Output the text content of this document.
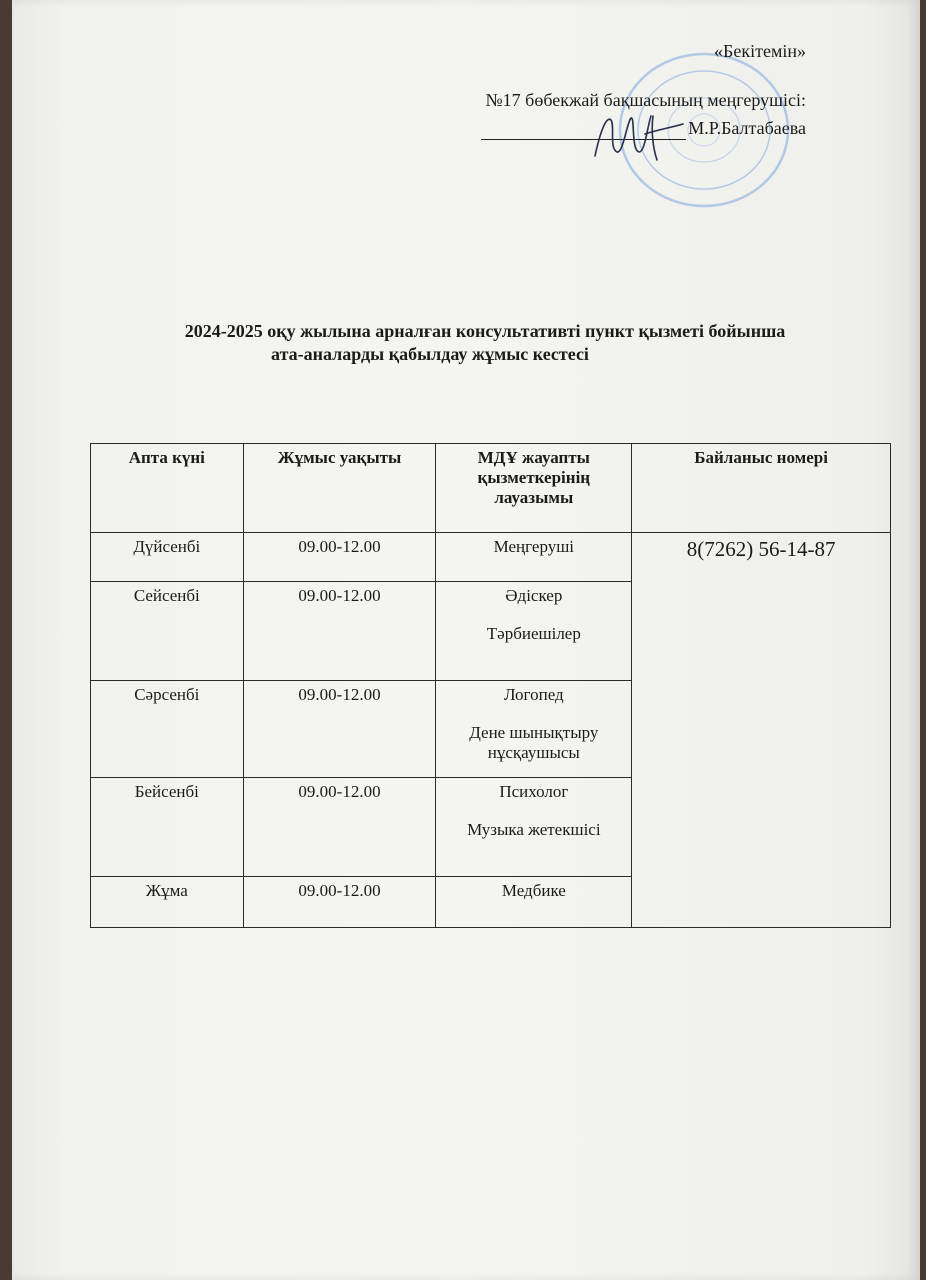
«Бекітемін»
№17 бөбекжай бақшасының меңгерушісі:
М.Р.Балтабаева
2024-2025 оқу жылына арналған консультативті пункт қызметі бойынша
ата-аналарды қабылдау жұмыс кестесі
Апта күні	Жұмыс уақыты	МДҰ жауапты қызметкерінің лауазымы	Байланыс номері
Дүйсенбі	09.00-12.00	Меңгеруші	8(7262) 56-14-87
Сейсенбі	09.00-12.00	Әдіскер
Тәрбиешілер	

Сәрсенбі	09.00-12.00	Логопед
Дене шынықтыру нұсқаушысы	

Бейсенбі	09.00-12.00	Психолог
Музыка жетекшісі	

Жұма	09.00-12.00	Медбике	
